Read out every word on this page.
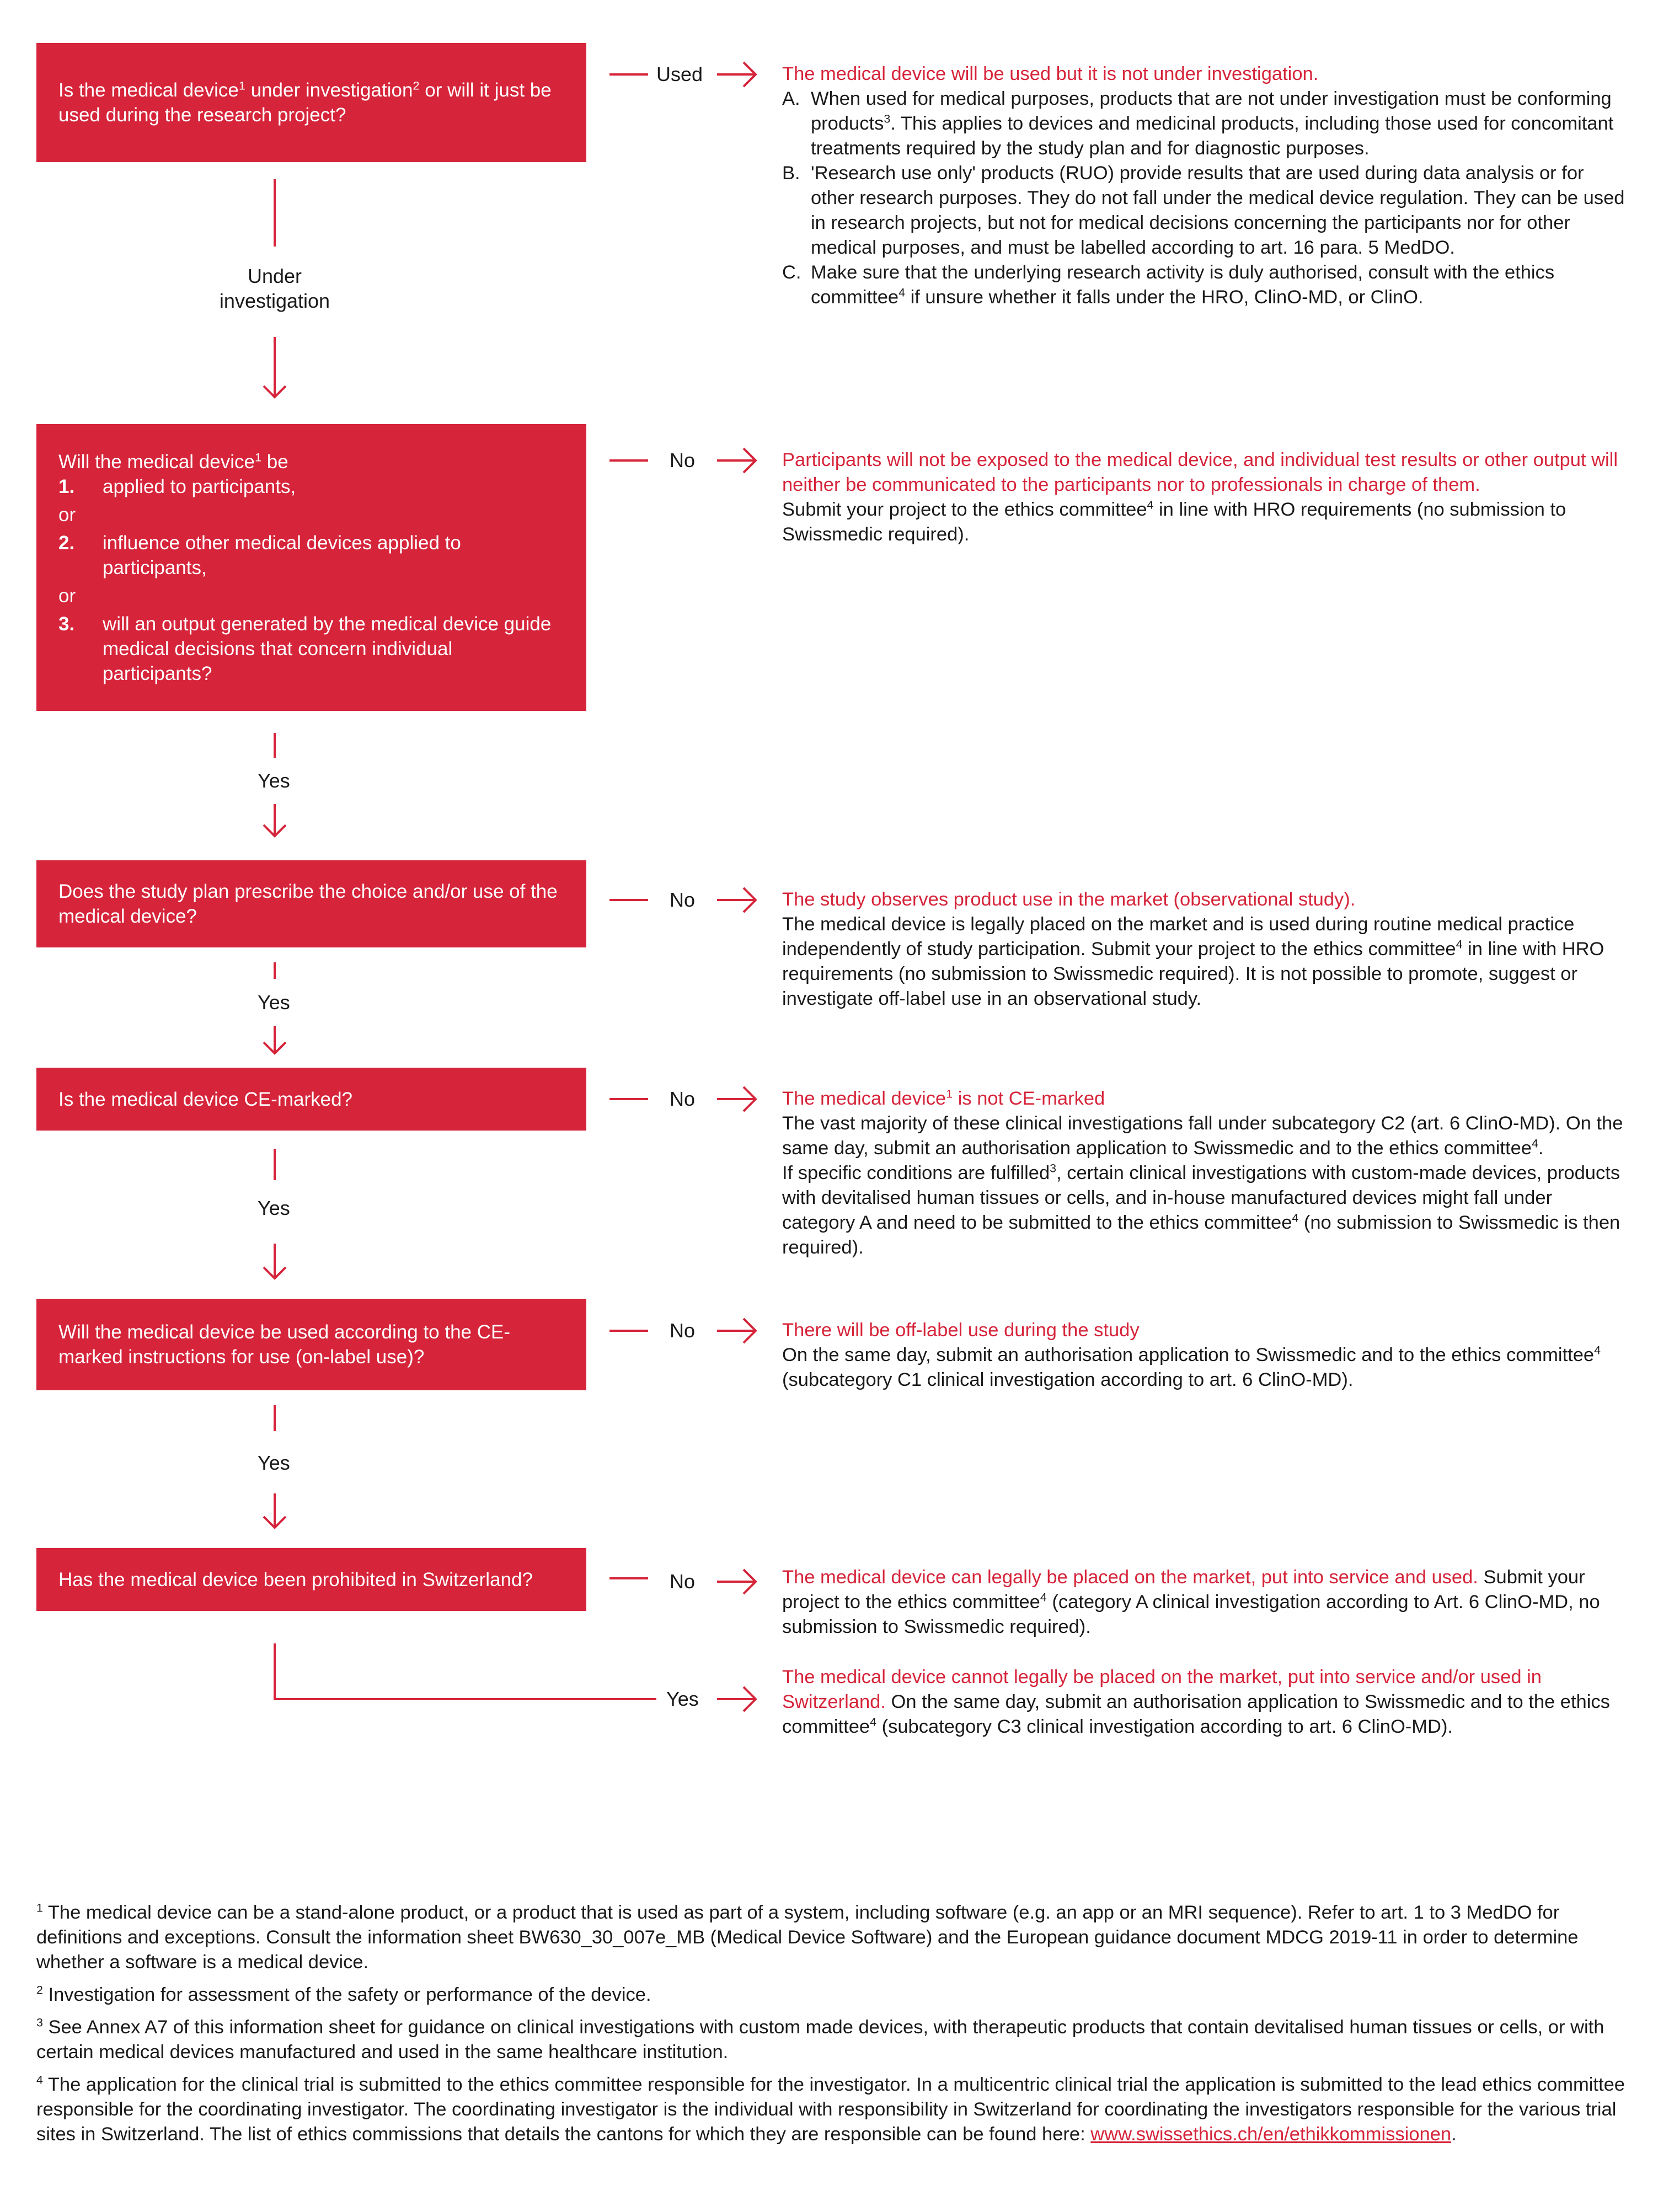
Is the medical device$^1$ under investigation$^2$ or will it just be used during the research project?

Will the medical device$^1$ be

1.	applied to participants,
or
2.	influence other medical devices applied to participants,
or
3.	will an output generated by the medical device guide medical decisions that concern individual participants?

Does the study plan prescribe the choice and/or use of the medical device?

Is the medical device CE-marked?

Will the medical device be used according to the CE-marked instructions for use (on-label use)?

Has the medical device been prohibited in Switzerland?

Used
Under investigation
No
Yes
No
Yes
No
Yes
No
Yes
No
Yes

The medical device will be used but it is not under investigation.

A. When used for medical purposes, products that are not under investigation must be conforming products$^3$. This applies to devices and medicinal products, including those used for concomitant treatments required by the study plan and for diagnostic purposes.
B. 'Research use only' products (RUO) provide results that are used during data analysis or for other research purposes. They do not fall under the medical device regulation. They can be used in research projects, but not for medical decisions concerning the participants nor for other medical purposes, and must be labelled according to art. 16 para. 5 MedDO.
C. Make sure that the underlying research activity is duly authorised, consult with the ethics committee$^4$ if unsure whether it falls under the HRO, ClinO-MD, or ClinO.

Participants will not be exposed to the medical device, and individual test results or other output will neither be communicated to the participants nor to professionals in charge of them.

Submit your project to the ethics committee$^4$ in line with HRO requirements (no submission to Swissmedic required).

The study observes product use in the market (observational study).

The medical device is legally placed on the market and is used during routine medical practice independently of study participation. Submit your project to the ethics committee$^4$ in line with HRO requirements (no submission to Swissmedic required). It is not possible to promote, suggest or investigate off-label use in an observational study.

The medical device$^1$ is not CE-marked

The vast majority of these clinical investigations fall under subcategory C2 (art. 6 ClinO-MD). On the same day, submit an authorisation application to Swissmedic and to the ethics committee$^4$.

If specific conditions are fulfilled$^3$, certain clinical investigations with custom-made devices, products with devitalised human tissues or cells, and in-house manufactured devices might fall under category A and need to be submitted to the ethics committee$^4$ (no submission to Swissmedic is then required).

There will be off-label use during the study

On the same day, submit an authorisation application to Swissmedic and to the ethics committee$^4$ (subcategory C1 clinical investigation according to art. 6 ClinO-MD).

The medical device can legally be placed on the market, put into service and used. Submit your project to the ethics committee$^4$ (category A clinical investigation according to Art. 6 ClinO-MD, no submission to Swissmedic required).

The medical device cannot legally be placed on the market, put into service and/or used in Switzerland. On the same day, submit an authorisation application to Swissmedic and to the ethics committee$^4$ (subcategory C3 clinical investigation according to art. 6 ClinO-MD).

$^1$ The medical device can be a stand-alone product, or a product that is used as part of a system, including software (e.g. an app or an MRI sequence). Refer to art. 1 to 3 MedDO for definitions and exceptions. Consult the information sheet BW630_30_007e_MB (Medical Device Software) and the European guidance document MDCG 2019-11 in order to determine whether a software is a medical device.

$^2$ Investigation for assessment of the safety or performance of the device.

$^3$ See Annex A7 of this information sheet for guidance on clinical investigations with custom made devices, with therapeutic products that contain devitalised human tissues or cells, or with certain medical devices manufactured and used in the same healthcare institution.

$^4$ The application for the clinical trial is submitted to the ethics committee responsible for the investigator. In a multicentric clinical trial the application is submitted to the lead ethics committee responsible for the coordinating investigator. The coordinating investigator is the individual with responsibility in Switzerland for coordinating the investigators responsible for the various trial sites in Switzerland. The list of ethics commissions that details the cantons for which they are responsible can be found here: www.swissethics.ch/en/ethikkommissionen.
